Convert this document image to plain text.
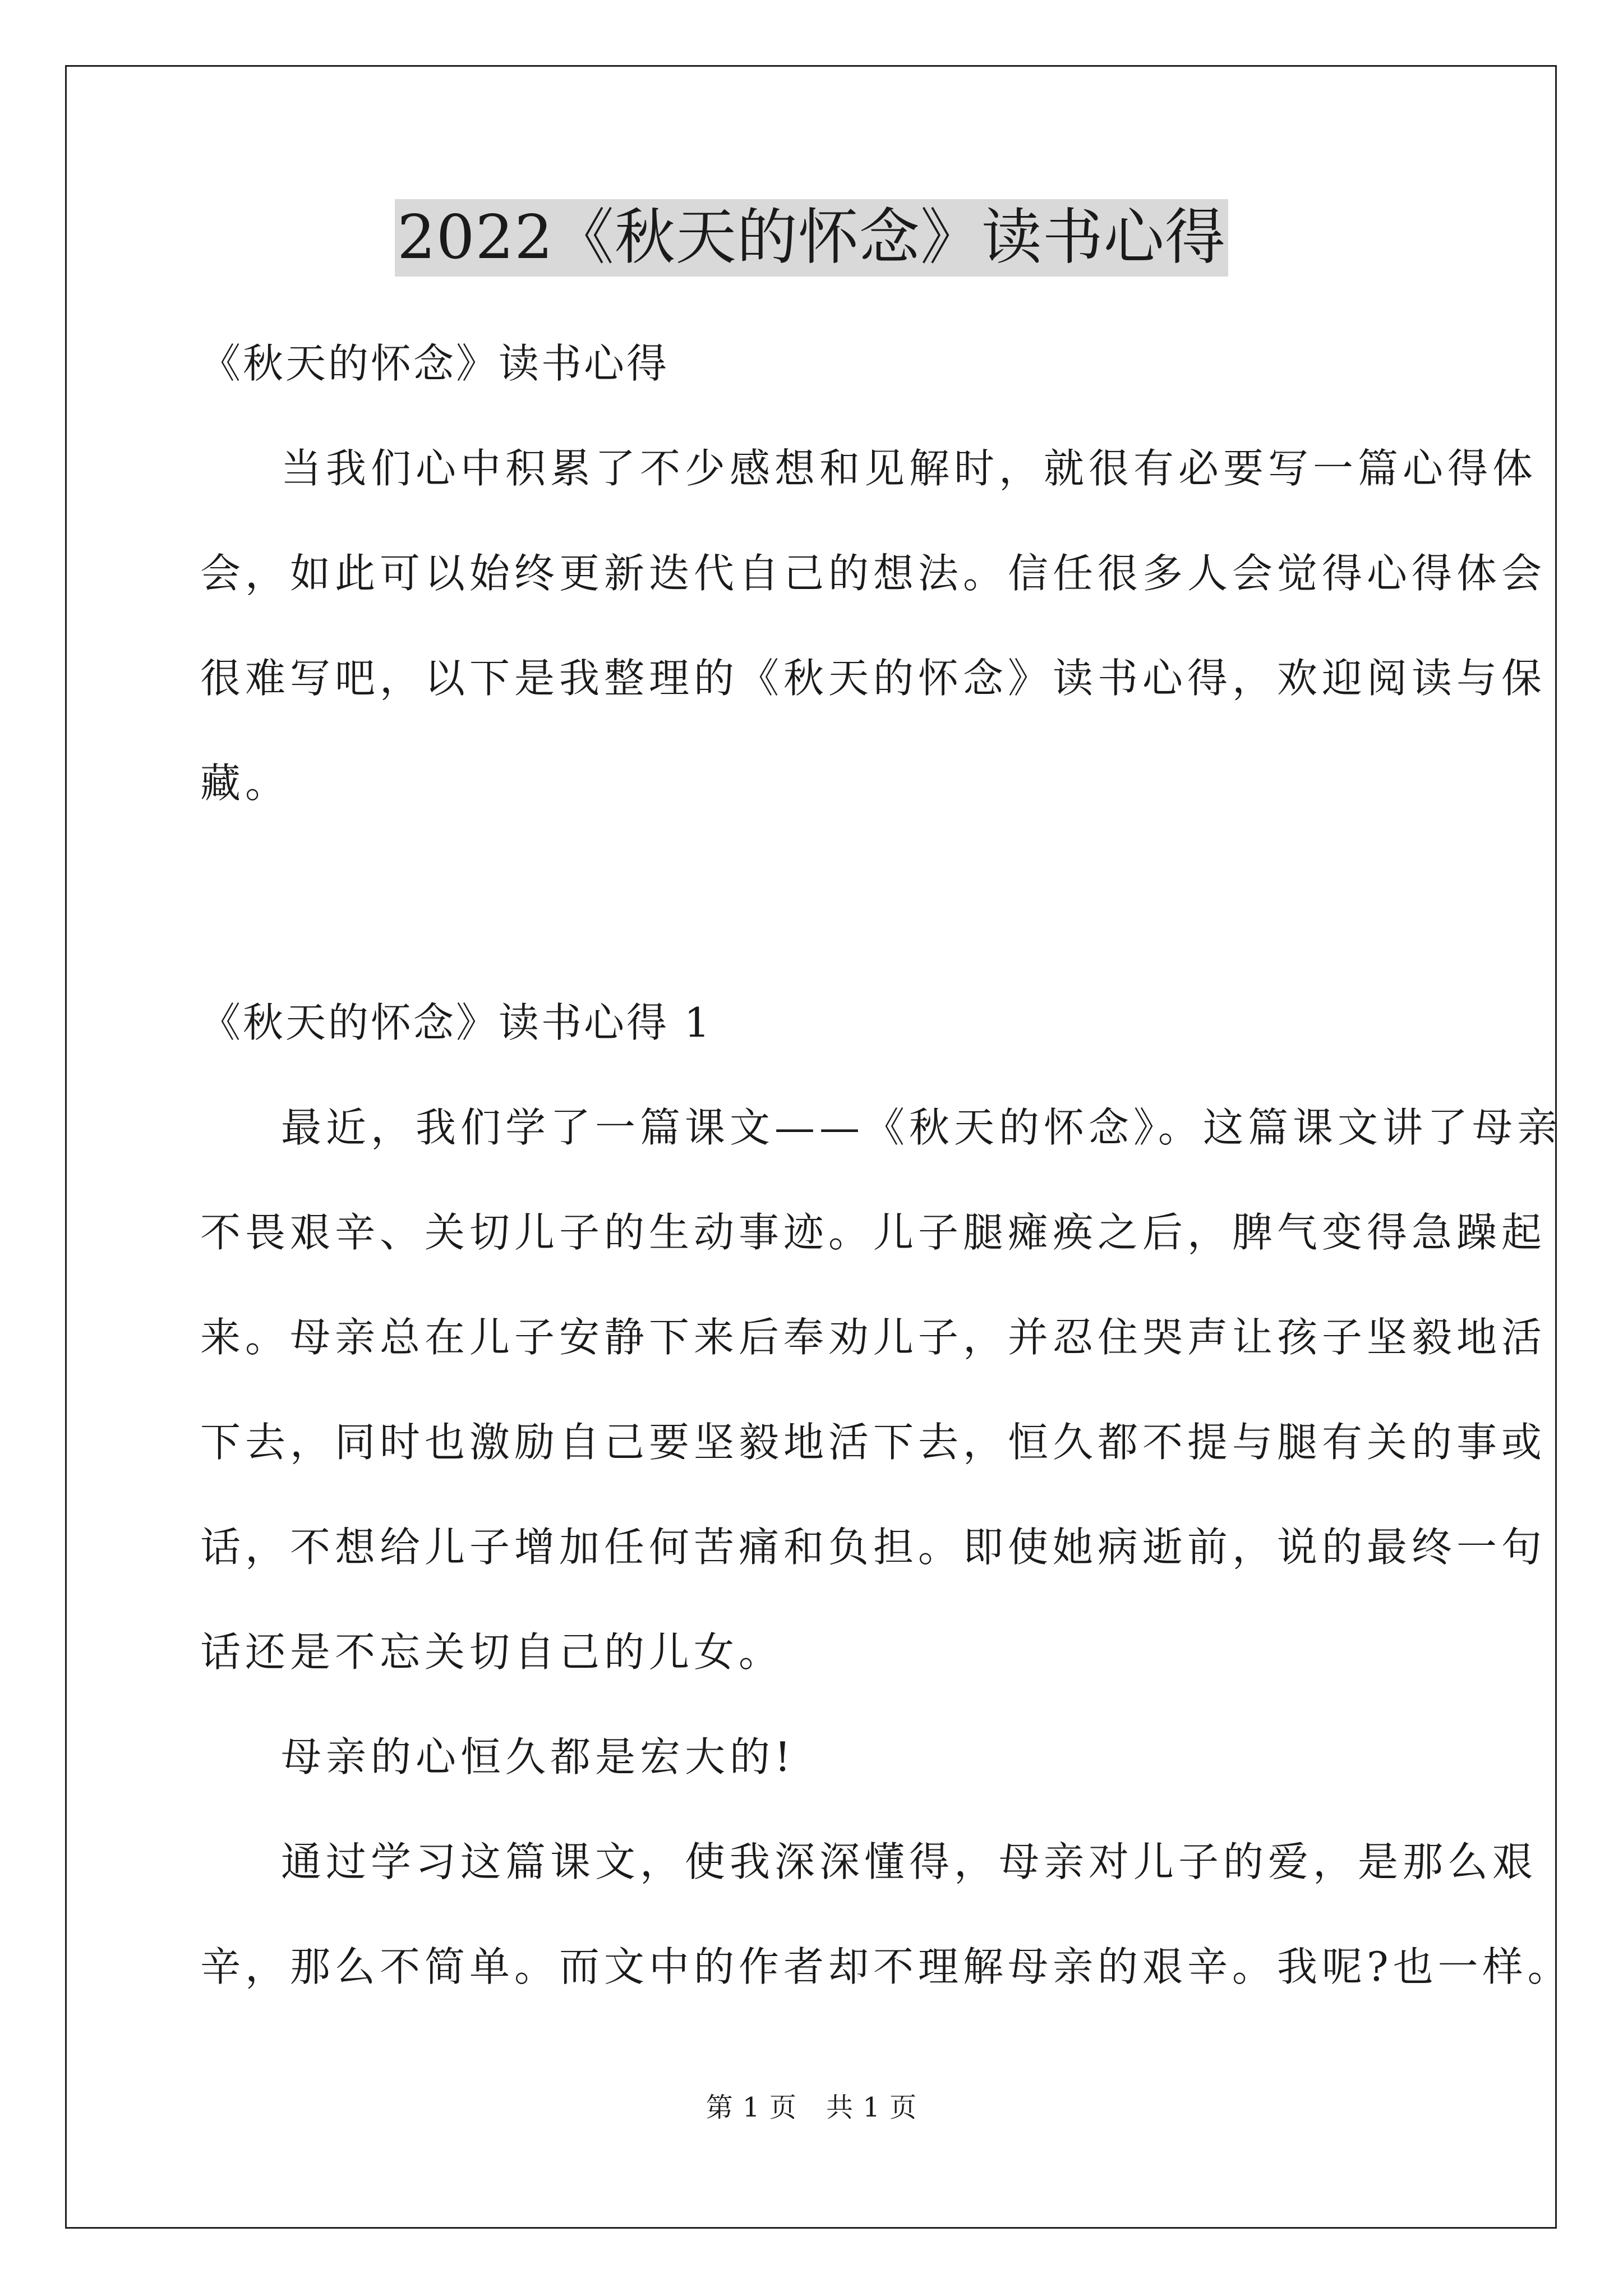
2022《秋天的怀念》读书心得
《秋天的怀念》读书心得
当我们心中积累了不少感想和见解时，就很有必要写一篇心得体
会，如此可以始终更新迭代自己的想法。信任很多人会觉得心得体会
很难写吧，以下是我整理的《秋天的怀念》读书心得，欢迎阅读与保
藏。
《秋天的怀念》读书心得 1
最近，我们学了一篇课文——《秋天的怀念》。这篇课文讲了母亲
不畏艰辛、关切儿子的生动事迹。儿子腿瘫痪之后，脾气变得急躁起
来。母亲总在儿子安静下来后奉劝儿子，并忍住哭声让孩子坚毅地活
下去，同时也激励自己要坚毅地活下去，恒久都不提与腿有关的事或
话，不想给儿子增加任何苦痛和负担。即使她病逝前，说的最终一句
话还是不忘关切自己的儿女。
母亲的心恒久都是宏大的!
通过学习这篇课文，使我深深懂得，母亲对儿子的爱，是那么艰
辛，那么不简单。而文中的作者却不理解母亲的艰辛。我呢?也一样。
第 1 页 共 1 页
